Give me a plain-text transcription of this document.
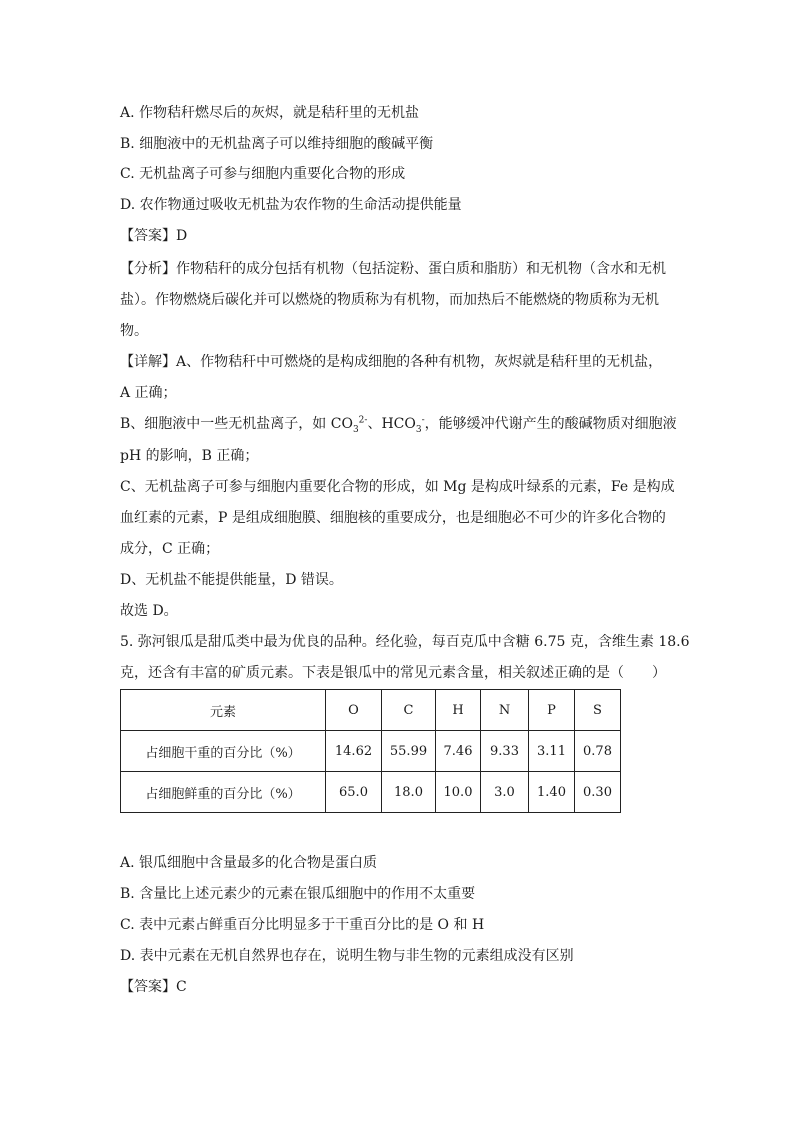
A. 作物秸秆燃尽后的灰烬，就是秸秆里的无机盐
B. 细胞液中的无机盐离子可以维持细胞的酸碱平衡
C. 无机盐离子可参与细胞内重要化合物的形成
D. 农作物通过吸收无机盐为农作物的生命活动提供能量
【答案】D
【分析】作物秸秆的成分包括有机物（包括淀粉、蛋白质和脂肪）和无机物（含水和无机
盐）。作物燃烧后碳化并可以燃烧的物质称为有机物，而加热后不能燃烧的物质称为无机
物。
【详解】A、作物秸秆中可燃烧的是构成细胞的各种有机物，灰烬就是秸秆里的无机盐，
A 正确；
B、细胞液中一些无机盐离子，如 $CO_3^{2-}$、$HCO_3^-$，能够缓冲代谢产生的酸碱物质对细胞液
pH 的影响，B 正确；
C、无机盐离子可参与细胞内重要化合物的形成，如 Mg 是构成叶绿系的元素，Fe 是构成
血红素的元素，P 是组成细胞膜、细胞核的重要成分，也是细胞必不可少的许多化合物的
成分，C 正确；
D、无机盐不能提供能量，D 错误。
故选 D。
5. 弥河银瓜是甜瓜类中最为优良的品种。经化验，每百克瓜中含糖 6.75 克，含维生素 18.6
克，还含有丰富的矿质元素。下表是银瓜中的常见元素含量，相关叙述正确的是（　　）
元素	O	C	H	N	P	S
占细胞干重的百分比（%）	14.62	55.99	7.46	9.33	3.11	0.78
占细胞鲜重的百分比（%）	65.0	18.0	10.0	3.0	1.40	0.30
A. 银瓜细胞中含量最多的化合物是蛋白质
B. 含量比上述元素少的元素在银瓜细胞中的作用不太重要
C. 表中元素占鲜重百分比明显多于干重百分比的是 O 和 H
D. 表中元素在无机自然界也存在，说明生物与非生物的元素组成没有区别
【答案】C
